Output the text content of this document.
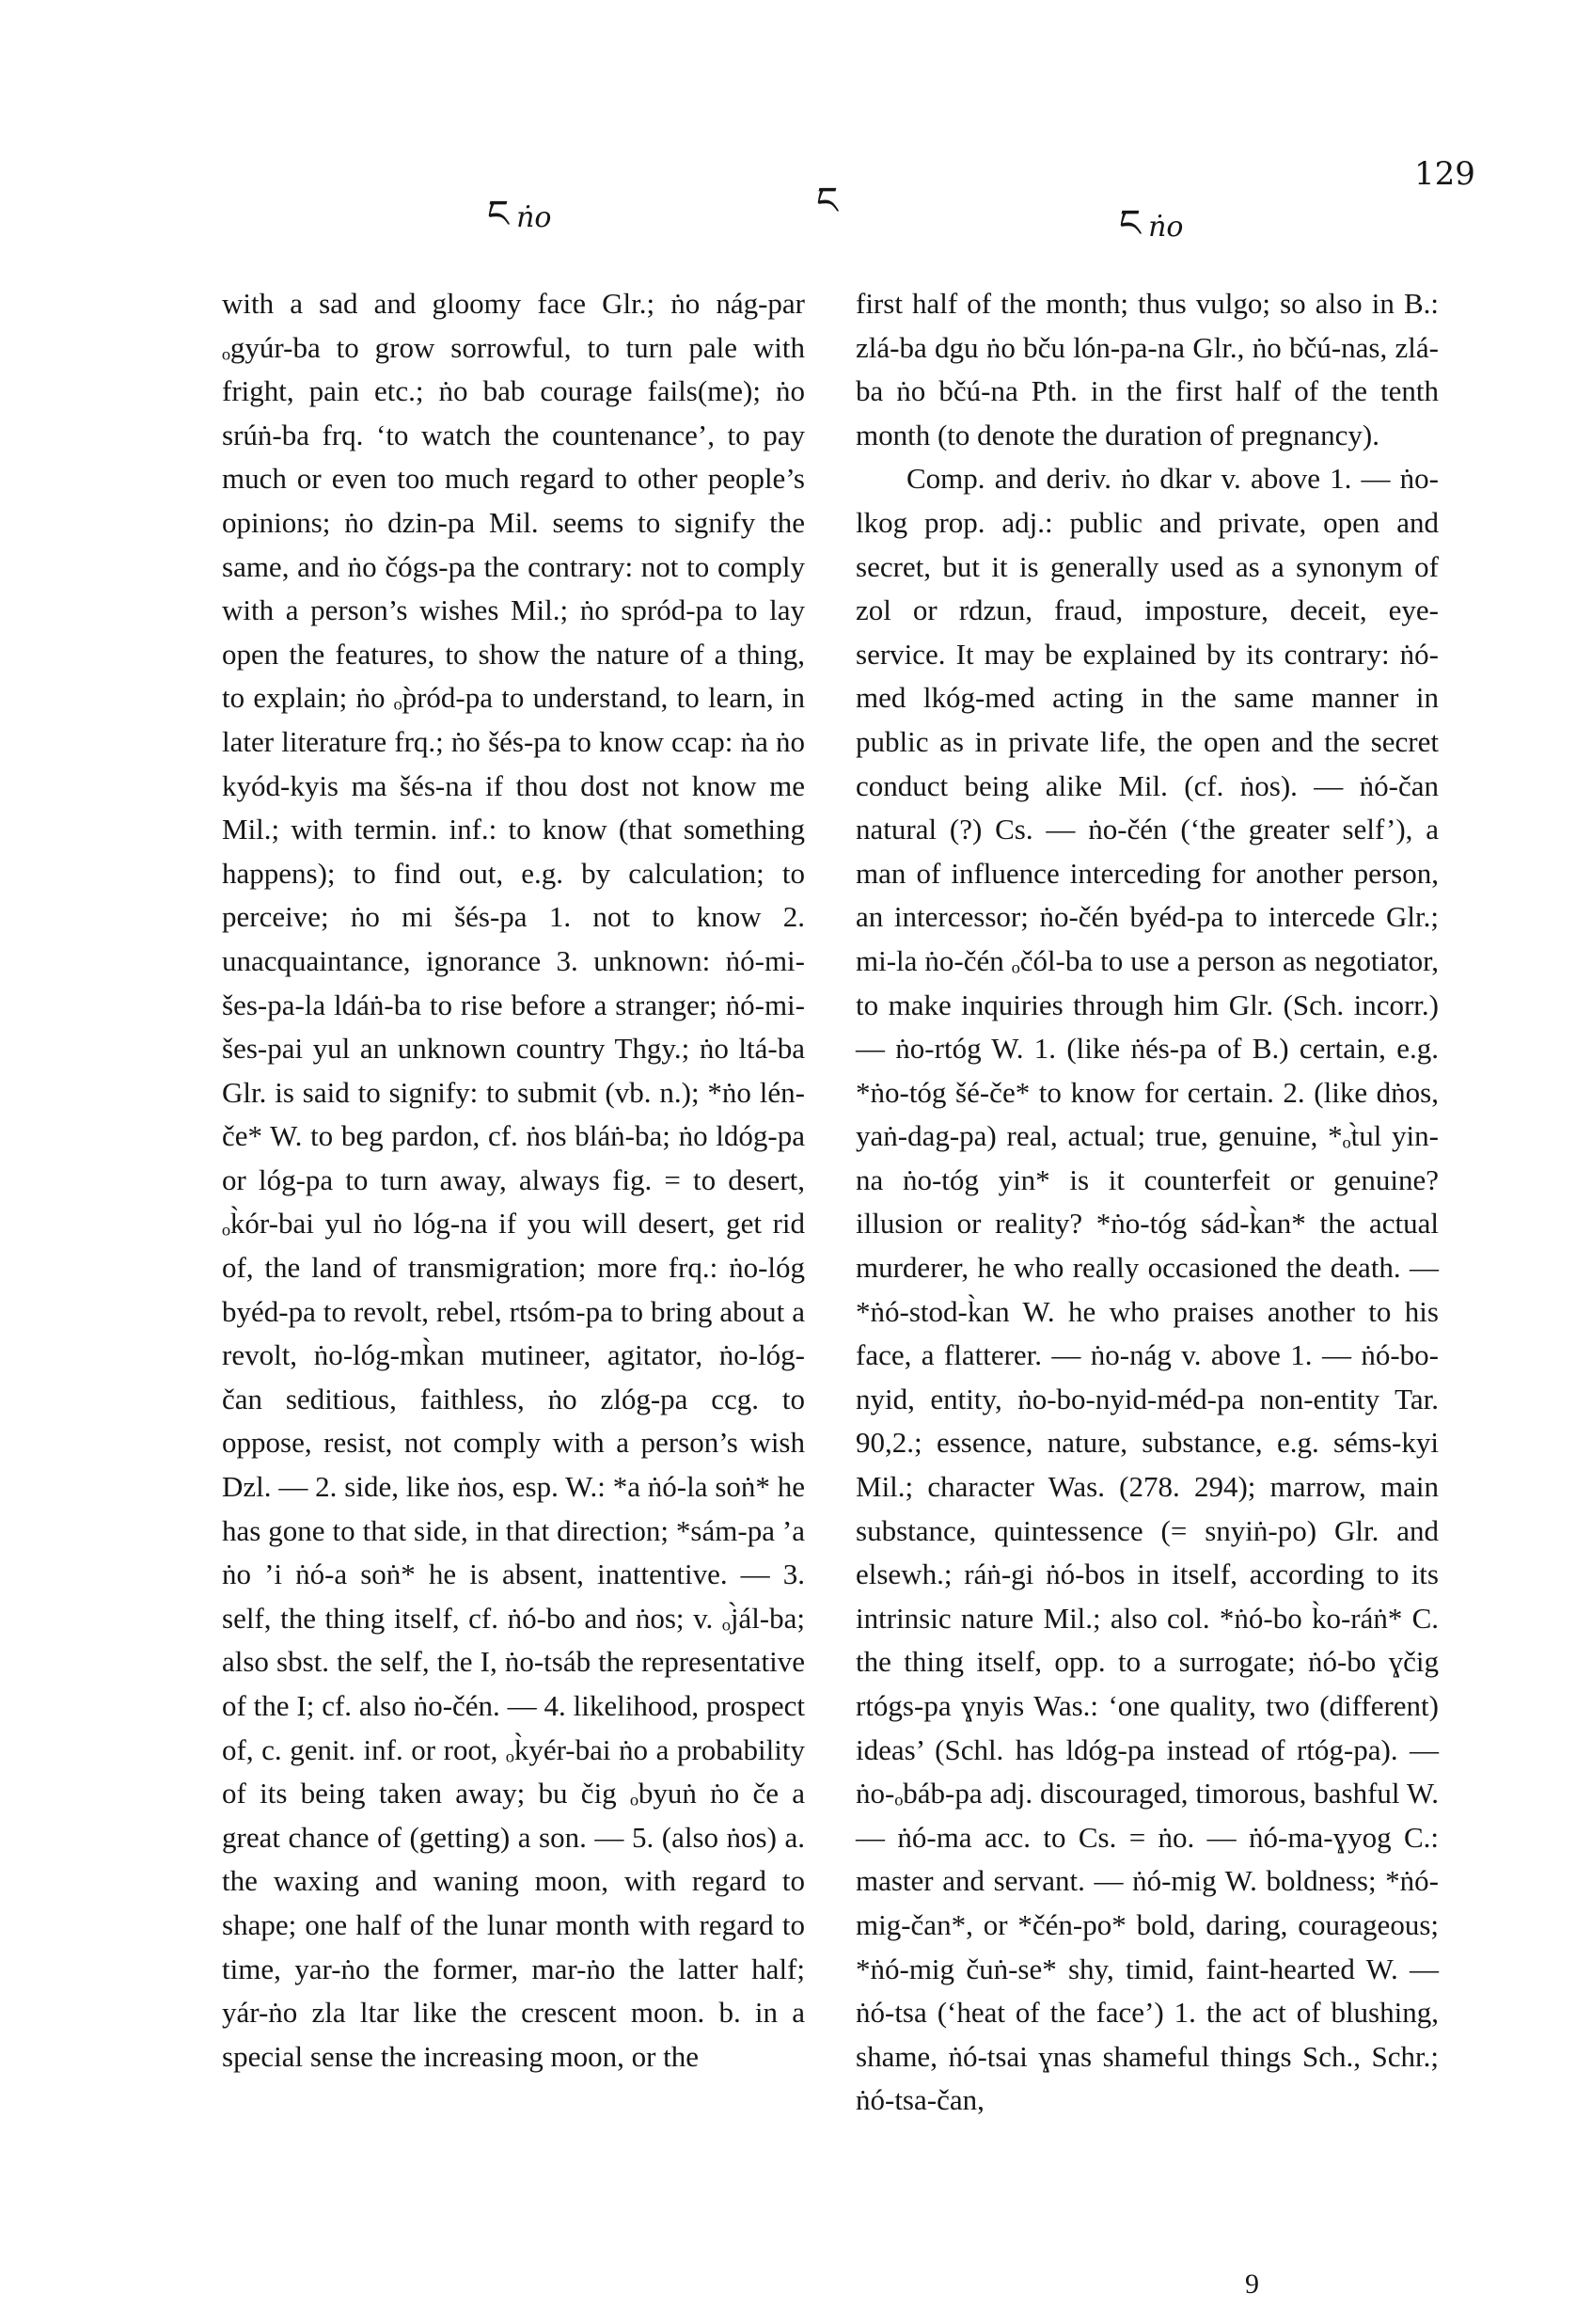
ང ṅo	ང
ང ṅo
129

with a sad and gloomy face Glr.; ṅo nág-par ₒgyúr-ba to grow sorrowful, to turn pale with fright, pain etc.; ṅo bab courage fails(me); ṅo srúṅ-ba frq. ‘to watch the countenance’, to pay much or even too much regard to other people’s opinions; ṅo dzin-pa Mil. seems to signify the same, and ṅo čógs-pa the contrary: not to comply with a person’s wishes Mil.; ṅo spród-pa to lay open the features, to show the nature of a thing, to explain; ṅo ₒp̀ród-pa to understand, to learn, in later literature frq.; ṅo šés-pa to know ccap: ṅa ṅo kyód-kyis ma šés-na if thou dost not know me Mil.; with termin. inf.: to know (that something happens); to find out, e.g. by calculation; to perceive; ṅo mi šés-pa 1. not to know 2. unacquaintance, ignorance 3. unknown: ṅó-mi-šes-pa-la ldáṅ-ba to rise before a stranger; ṅó-mi-šes-pai yul an unknown country Thgy.; ṅo ltá-ba Glr. is said to signify: to submit (vb. n.); *ṅo lén-če* W. to beg pardon, cf. ṅos bláṅ-ba; ṅo ldóg-pa or lóg-pa to turn away, always fig. = to desert, ₒk̀ór-bai yul ṅo lóg-na if you will desert, get rid of, the land of transmigration; more frq.: ṅo-lóg byéd-pa to revolt, rebel, rtsóm-pa to bring about a revolt, ṅo-lóg-mk̀an mutineer, agitator, ṅo-lóg-čan seditious, faithless, ṅo zlóg-pa ccg. to oppose, resist, not comply with a person’s wish Dzl. — 2. side, like ṅos, esp. W.: *a ṅó-la soṅ* he has gone to that side, in that direction; *sám-pa ’a ṅo ’i ṅó-a soṅ* he is absent, inattentive. — 3. self, the thing itself, cf. ṅó-bo and ṅos; v. ₒj̀ál-ba; also sbst. the self, the I, ṅo-tsáb the representative of the I; cf. also ṅo-čén. — 4. likelihood, prospect of, c. genit. inf. or root, ₒk̀yér-bai ṅo a probability of its being taken away; bu čig ₒbyuṅ ṅo če a great chance of (getting) a son. — 5. (also ṅos) a. the waxing and waning moon, with regard to shape; one half of the lunar month with regard to time, yar-ṅo the former, mar-ṅo the latter half; yár-ṅo zla ltar like the crescent moon. b. in a special sense the increasing moon, or the

first half of the month; thus vulgo; so also in B.: zlá-ba dgu ṅo bču lón-pa-na Glr., ṅo bčú-nas, zlá-ba ṅo bčú-na Pth. in the first half of the tenth month (to denote the duration of pregnancy).

Comp. and deriv. ṅo dkar v. above 1. — ṅo-lkog prop. adj.: public and private, open and secret, but it is generally used as a synonym of zol or rdzun, fraud, imposture, deceit, eye-service. It may be explained by its contrary: ṅó-med lkóg-med acting in the same manner in public as in private life, the open and the secret conduct being alike Mil. (cf. ṅos). — ṅó-čan natural (?) Cs. — ṅo-čén (‘the greater self’), a man of influence interceding for another person, an intercessor; ṅo-čén byéd-pa to intercede Glr.; mi-la ṅo-čén ₒčól-ba to use a person as negotiator, to make inquiries through him Glr. (Sch. incorr.) — ṅo-rtóg W. 1. (like ṅés-pa of B.) certain, e.g. *ṅo-tóg šé-če* to know for certain. 2. (like dṅos, yaṅ-dag-pa) real, actual; true, genuine, *ₒt̀ul yin-na ṅo-tóg yin* is it counterfeit or genuine? illusion or reality? *ṅo-tóg sád-k̀an* the actual murderer, he who really occasioned the death. — *ṅó-stod-k̀an W. he who praises another to his face, a flatterer. — ṅo-nág v. above 1. — ṅó-bo-nyid, entity, ṅo-bo-nyid-méd-pa non-entity Tar. 90,2.; essence, nature, substance, e.g. séms-kyi Mil.; character Was. (278. 294); marrow, main substance, quintessence (= snyiṅ-po) Glr. and elsewh.; ráṅ-gi ṅó-bos in itself, according to its intrinsic nature Mil.; also col. *ṅó-bo k̀o-ráṅ* C. the thing itself, opp. to a surrogate; ṅó-bo ɣčig rtógs-pa ɣnyis Was.: ‘one quality, two (different) ideas’ (Schl. has ldóg-pa instead of rtóg-pa). — ṅo-ₒbáb-pa adj. discouraged, timorous, bashful W. — ṅó-ma acc. to Cs. = ṅo. — ṅó-ma-ɣyog C.: master and servant. — ṅó-mig W. boldness; *ṅó-mig-čan*, or *čén-po* bold, daring, courageous; *ṅó-mig čuṅ-se* shy, timid, faint-hearted W. — ṅó-tsa (‘heat of the face’) 1. the act of blushing, shame, ṅó-tsai ɣnas shameful things Sch., Schr.; ṅó-tsa-čan,

9
